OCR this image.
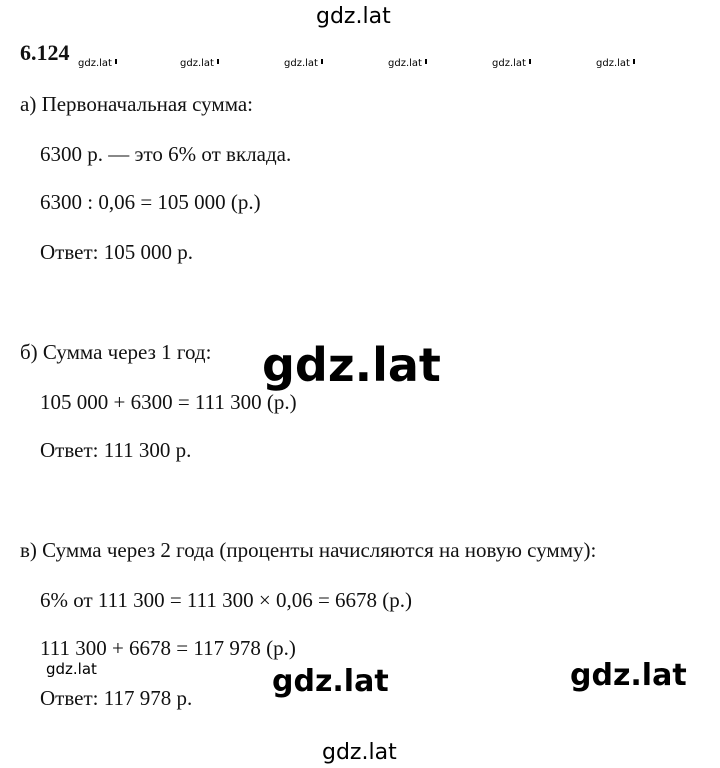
gdz.lat
gdz.lat	gdz.lat	gdz.lat	gdz.lat	gdz.lat	gdz.lat

6.124

а) Первоначальная сумма:

6300 р. — это 6% от вклада.

6300 : 0,06 = 105 000 (р.)

Ответ: 105 000 р.

б) Сумма через 1 год:

105 000 + 6300 = 111 300 (р.)

Ответ: 111 300 р.

в) Сумма через 2 года (проценты начисляются на новую сумму):

6% от 111 300 = 111 300 × 0,06 = 6678 (р.)

111 300 + 6678 = 117 978 (р.)

Ответ: 117 978 р.

gdz.lat
gdz.lat	gdz.lat	gdz.lat
gdz.lat
